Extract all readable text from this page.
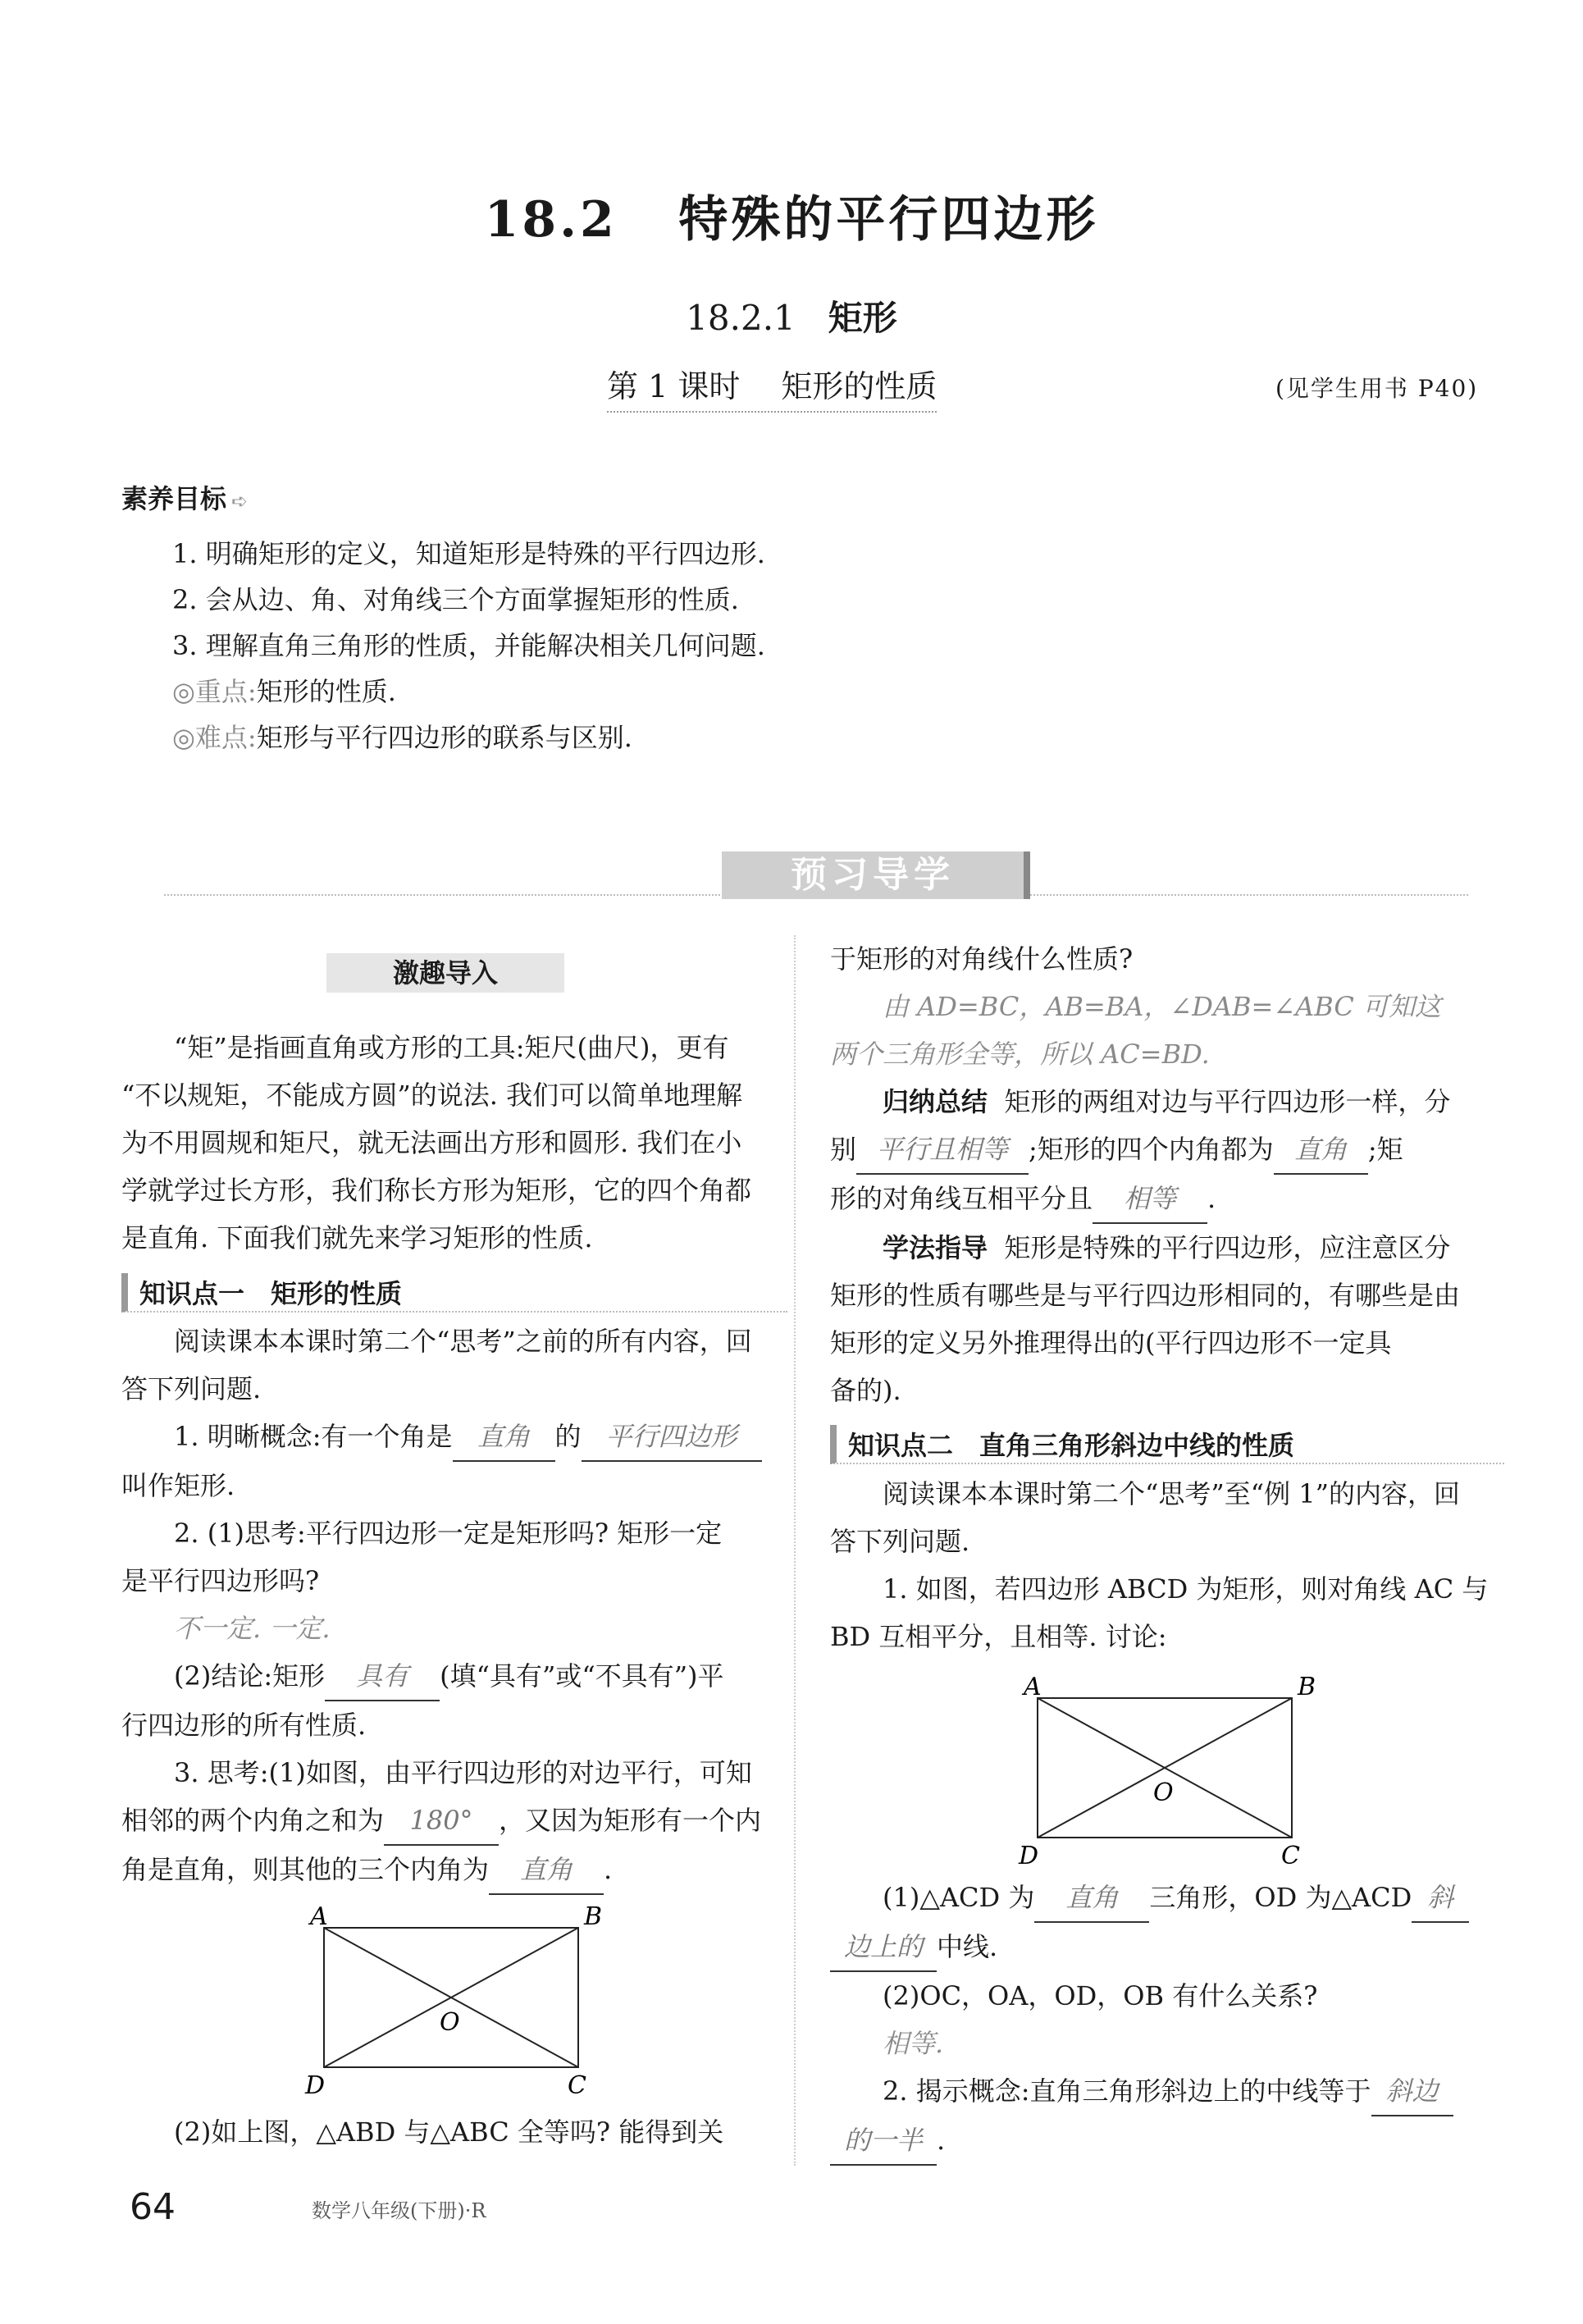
18.2 特殊的平行四边形
18.2.1 矩形
第 1 课时 矩形的性质	(见学生用书 P40)
素养目标 ➪
1. 明确矩形的定义，知道矩形是特殊的平行四边形.
2. 会从边、角、对角线三个方面掌握矩形的性质.
3. 理解直角三角形的性质，并能解决相关几何问题.
◎重点:矩形的性质.
◎难点:矩形与平行四边形的联系与区别.
预习导学
激趣导入
“矩”是指画直角或方形的工具:矩尺(曲尺)，更有
“不以规矩，不能成方圆”的说法. 我们可以简单地理解
为不用圆规和矩尺，就无法画出方形和圆形. 我们在小
学就学过长方形，我们称长方形为矩形，它的四个角都
是直角. 下面我们就先来学习矩形的性质.
知识点一　矩形的性质
阅读课本本课时第二个“思考”之前的所有内容，回
答下列问题.
1. 明晰概念:有一个角是 直角 的 平行四边形
叫作矩形.
2. (1)思考:平行四边形一定是矩形吗? 矩形一定
是平行四边形吗?
不一定. 一定.
(2)结论:矩形 具有 (填“具有”或“不具有”)平
行四边形的所有性质.
3. 思考:(1)如图，由平行四边形的对边平行，可知
相邻的两个内角之和为 180° ，又因为矩形有一个内
角是直角，则其他的三个内角为 直角 .
A	B
O
D	C
(2)如上图，△ABD 与△ABC 全等吗? 能得到关
于矩形的对角线什么性质?
由 AD=BC，AB=BA，∠DAB=∠ABC 可知这
两个三角形全等，所以 AC=BD.
归纳总结 矩形的两组对边与平行四边形一样，分
别 平行且相等 ;矩形的四个内角都为 直角 ;矩
形的对角线互相平分且 相等 .
学法指导 矩形是特殊的平行四边形，应注意区分
矩形的性质有哪些是与平行四边形相同的，有哪些是由
矩形的定义另外推理得出的(平行四边形不一定具
备的).
知识点二　直角三角形斜边中线的性质
阅读课本本课时第二个“思考”至“例 1”的内容，回
答下列问题.
1. 如图，若四边形 ABCD 为矩形，则对角线 AC 与
BD 互相平分，且相等. 讨论:
A	B
O
D	C
(1)△ACD 为 直角 三角形，OD 为△ACD 斜
边上的 中线.
(2)OC，OA，OD，OB 有什么关系?
相等.
2. 揭示概念:直角三角形斜边上的中线等于 斜边
的一半 .
64	数学八年级(下册)·R
